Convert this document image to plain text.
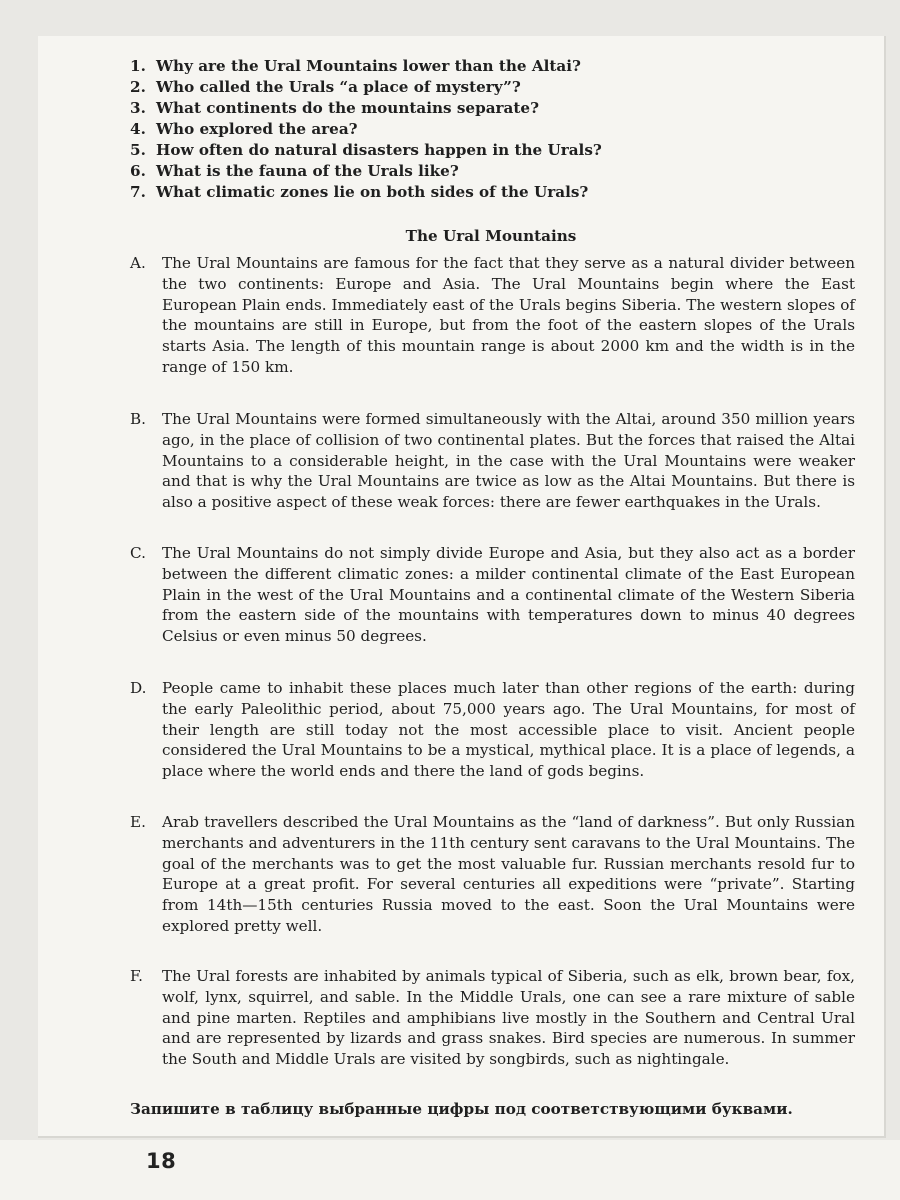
1. Why are the Ural Mountains lower than the Altai?
2. Who called the Urals “a place of mystery”?
3. What continents do the mountains separate?
4. Who explored the area?
5. How often do natural disasters happen in the Urals?
6. What is the fauna of the Urals like?
7. What climatic zones lie on both sides of the Urals?
The Ural Mountains
A. The Ural Mountains are famous for the fact that they serve as a natural divider between the two continents: Europe and Asia. The Ural Mountains begin where the East European Plain ends. Immediately east of the Urals begins Siberia. The western slopes of the mountains are still in Europe, but from the foot of the eastern slopes of the Urals starts Asia. The length of this mountain range is about 2000 km and the width is in the range of 150 km.
B. The Ural Mountains were formed simultaneously with the Altai, around 350 million years ago, in the place of collision of two continental plates. But the forces that raised the Altai Mountains to a considerable height, in the case with the Ural Mountains were weaker and that is why the Ural Mountains are twice as low as the Altai Mountains. But there is also a positive aspect of these weak forces: there are fewer earthquakes in the Urals.
C. The Ural Mountains do not simply divide Europe and Asia, but they also act as a border between the different climatic zones: a milder continental climate of the East European Plain in the west of the Ural Mountains and a continental climate of the Western Siberia from the eastern side of the mountains with temperatures down to minus 40 degrees Celsius or even minus 50 degrees.
D. People came to inhabit these places much later than other regions of the earth: during the early Paleolithic period, about 75,000 years ago. The Ural Mountains, for most of their length are still today not the most accessible place to visit. Ancient people considered the Ural Mountains to be a mystical, mythical place. It is a place of legends, a place where the world ends and there the land of gods begins.
E. Arab travellers described the Ural Mountains as the “land of darkness”. But only Russian merchants and adventurers in the 11th century sent caravans to the Ural Mountains. The goal of the merchants was to get the most valuable fur. Russian merchants resold fur to Europe at a great profit. For several centuries all expeditions were “private”. Starting from 14th—15th centuries Russia moved to the east. Soon the Ural Mountains were explored pretty well.
F. The Ural forests are inhabited by animals typical of Siberia, such as elk, brown bear, fox, wolf, lynx, squirrel, and sable. In the Middle Urals, one can see a rare mixture of sable and pine marten. Reptiles and amphibians live mostly in the Southern and Central Ural and are represented by lizards and grass snakes. Bird species are numerous. In summer the South and Middle Urals are visited by songbirds, such as nightingale.
Запишите в таблицу выбранные цифры под соответствующими буквами.
18
